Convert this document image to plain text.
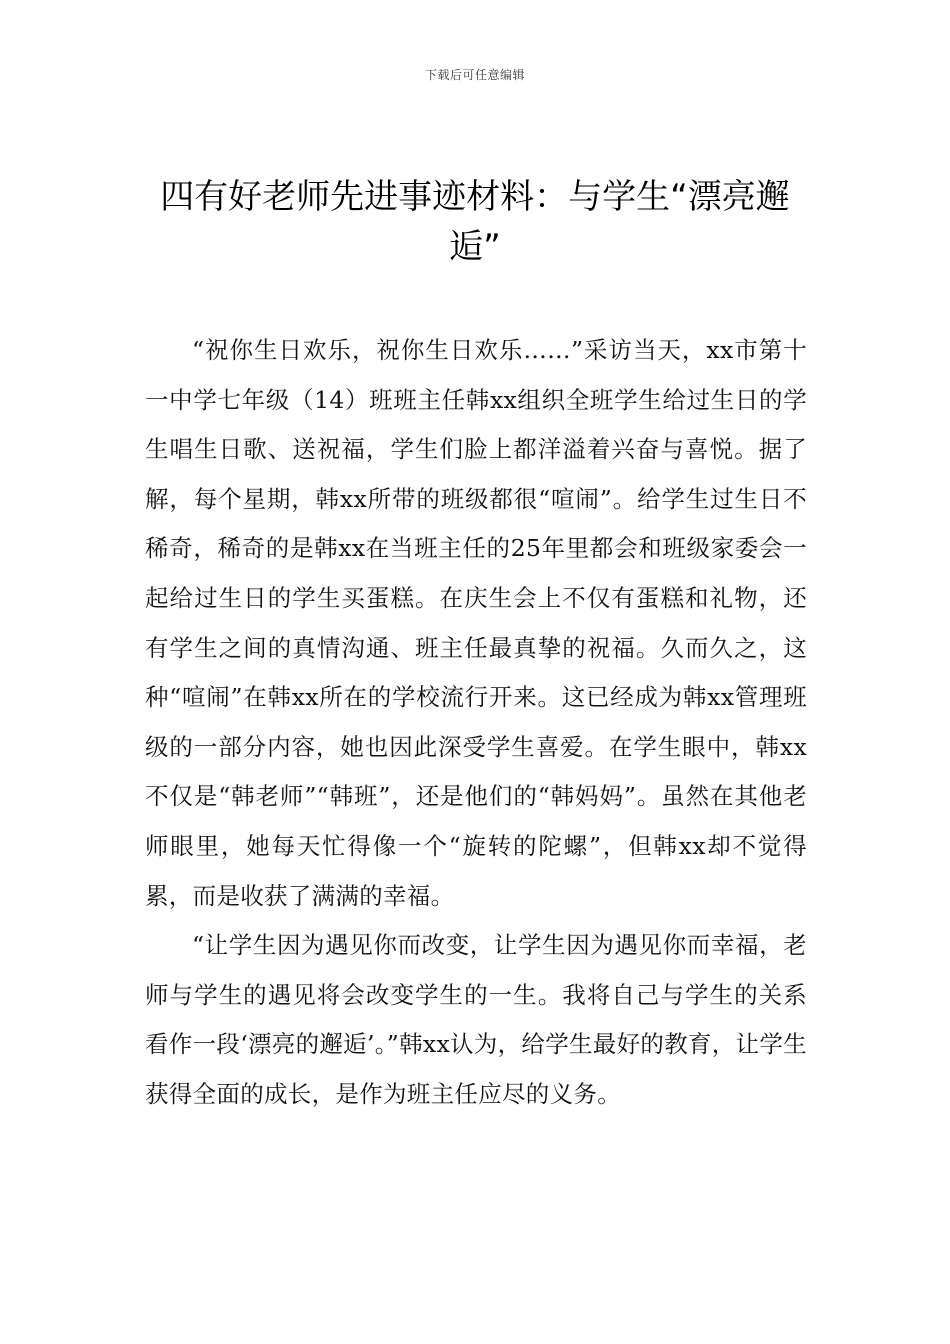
下载后可任意编辑
四有好老师先进事迹材料：与学生“漂亮邂逅”

“祝你生日欢乐，祝你生日欢乐……”采访当天，xx市第十一中学七年级（14）班班主任韩xx组织全班学生给过生日的学生唱生日歌、送祝福，学生们脸上都洋溢着兴奋与喜悦。据了解，每个星期，韩xx所带的班级都很“喧闹”。给学生过生日不稀奇，稀奇的是韩xx在当班主任的25年里都会和班级家委会一起给过生日的学生买蛋糕。在庆生会上不仅有蛋糕和礼物，还有学生之间的真情沟通、班主任最真挚的祝福。久而久之，这种“喧闹”在韩xx所在的学校流行开来。这已经成为韩xx管理班级的一部分内容，她也因此深受学生喜爱。在学生眼中，韩xx不仅是“韩老师”“韩班”，还是他们的“韩妈妈”。虽然在其他老师眼里，她每天忙得像一个“旋转的陀螺”，但韩xx却不觉得累，而是收获了满满的幸福。

“让学生因为遇见你而改变，让学生因为遇见你而幸福，老师与学生的遇见将会改变学生的一生。我将自己与学生的关系看作一段‘漂亮的邂逅’。”韩xx认为，给学生最好的教育，让学生获得全面的成长，是作为班主任应尽的义务。
